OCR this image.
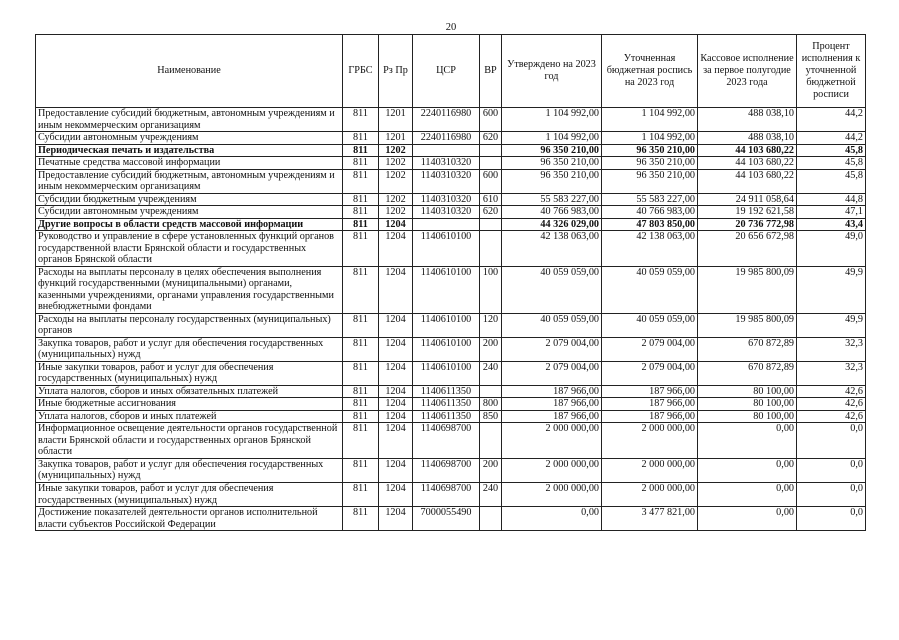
20
Наименование	ГРБС	Рз Пр	ЦСР	ВР	Утверждено на 2023 год	Уточненная бюджетная роспись на 2023 год	Кассовое исполнение за первое полугодие 2023 года	Процент исполнения к уточненной бюджетной росписи
Предоставление субсидий бюджетным, автономным учреждениям и иным некоммерческим организациям	811	1201	2240116980	600	1 104 992,00	1 104 992,00	488 038,10	44,2
Субсидии автономным учреждениям	811	1201	2240116980	620	1 104 992,00	1 104 992,00	488 038,10	44,2
Периодическая печать и издательства	811	1202			96 350 210,00	96 350 210,00	44 103 680,22	45,8
Печатные средства массовой информации	811	1202	1140310320		96 350 210,00	96 350 210,00	44 103 680,22	45,8
Предоставление субсидий бюджетным, автономным учреждениям и иным некоммерческим организациям	811	1202	1140310320	600	96 350 210,00	96 350 210,00	44 103 680,22	45,8
Субсидии бюджетным учреждениям	811	1202	1140310320	610	55 583 227,00	55 583 227,00	24 911 058,64	44,8
Субсидии автономным учреждениям	811	1202	1140310320	620	40 766 983,00	40 766 983,00	19 192 621,58	47,1
Другие вопросы в области средств массовой информации	811	1204			44 326 029,00	47 803 850,00	20 736 772,98	43,4
Руководство и управление в сфере установленных функций органов государственной власти Брянской области и государственных органов Брянской области	811	1204	1140610100		42 138 063,00	42 138 063,00	20 656 672,98	49,0
Расходы на выплаты персоналу в целях обеспечения выполнения функций государственными (муниципальными) органами, казенными учреждениями, органами управления государственными внебюджетными фондами	811	1204	1140610100	100	40 059 059,00	40 059 059,00	19 985 800,09	49,9
Расходы на выплаты персоналу государственных (муниципальных) органов	811	1204	1140610100	120	40 059 059,00	40 059 059,00	19 985 800,09	49,9
Закупка товаров, работ и услуг для обеспечения государственных (муниципальных) нужд	811	1204	1140610100	200	2 079 004,00	2 079 004,00	670 872,89	32,3
Иные закупки товаров, работ и услуг для обеспечения государственных (муниципальных) нужд	811	1204	1140610100	240	2 079 004,00	2 079 004,00	670 872,89	32,3
Уплата налогов, сборов и иных обязательных платежей	811	1204	1140611350		187 966,00	187 966,00	80 100,00	42,6
Иные бюджетные ассигнования	811	1204	1140611350	800	187 966,00	187 966,00	80 100,00	42,6
Уплата налогов, сборов и иных платежей	811	1204	1140611350	850	187 966,00	187 966,00	80 100,00	42,6
Информационное освещение деятельности органов государственной власти Брянской области и государственных органов Брянской области	811	1204	1140698700		2 000 000,00	2 000 000,00	0,00	0,0
Закупка товаров, работ и услуг для обеспечения государственных (муниципальных) нужд	811	1204	1140698700	200	2 000 000,00	2 000 000,00	0,00	0,0
Иные закупки товаров, работ и услуг для обеспечения государственных (муниципальных) нужд	811	1204	1140698700	240	2 000 000,00	2 000 000,00	0,00	0,0
Достижение показателей деятельности органов исполнительной власти субъектов Российской Федерации	811	1204	7000055490		0,00	3 477 821,00	0,00	0,0
